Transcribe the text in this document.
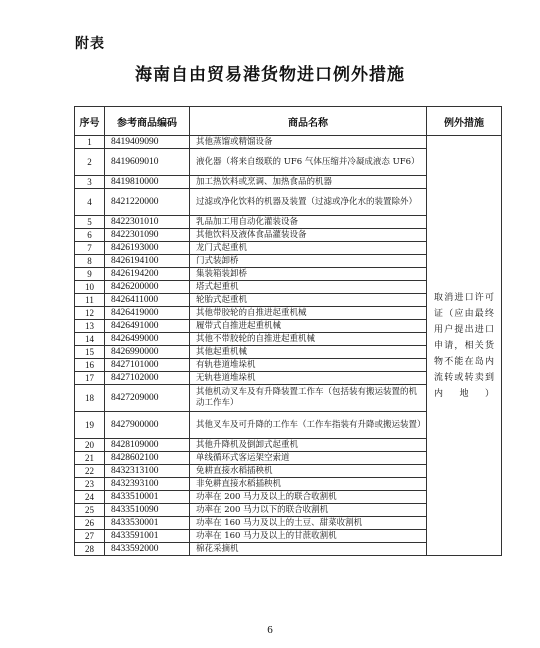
附表
海南自由贸易港货物进口例外措施
序号	参考商品编码	商品名称	例外措施
1	8419409090	其他蒸馏或精馏设备	取消进口许可证（应由最终用户提出进口申请，相关货物不能在岛内流转或转卖到内地）
2	8419609010	液化器（将来自级联的 UF6 气体压缩并冷凝成液态 UF6）	
3	8419810000	加工热饮料或烹调、加热食品的机器	
4	8421220000	过滤或净化饮料的机器及装置（过滤或净化水的装置除外）	
5	8422301010	乳品加工用自动化灌装设备	
6	8422301090	其他饮料及液体食品灌装设备	
7	8426193000	龙门式起重机	
8	8426194100	门式装卸桥	
9	8426194200	集装箱装卸桥	
10	8426200000	塔式起重机	
11	8426411000	轮胎式起重机	
12	8426419000	其他带胶轮的自推进起重机械	
13	8426491000	履带式自推进起重机械	
14	8426499000	其他不带胶轮的自推进起重机械	
15	8426990000	其他起重机械	
16	8427101000	有轨巷道堆垛机	
17	8427102000	无轨巷道堆垛机	
18	8427209000	其他机动叉车及有升降装置工作车（包括装有搬运装置的机动工作车）	
19	8427900000	其他叉车及可升降的工作车（工作车指装有升降或搬运装置）	
20	8428109000	其他升降机及倒卸式起重机	
21	8428602100	单线循环式客运架空索道	
22	8432313100	免耕直接水稻插秧机	
23	8432393100	非免耕直接水稻插秧机	
24	8433510001	功率在 200 马力及以上的联合收割机	
25	8433510090	功率在 200 马力以下的联合收割机	
26	8433530001	功率在 160 马力及以上的土豆、甜菜收割机	
27	8433591001	功率在 160 马力及以上的甘蔗收割机	
28	8433592000	棉花采摘机	
6
